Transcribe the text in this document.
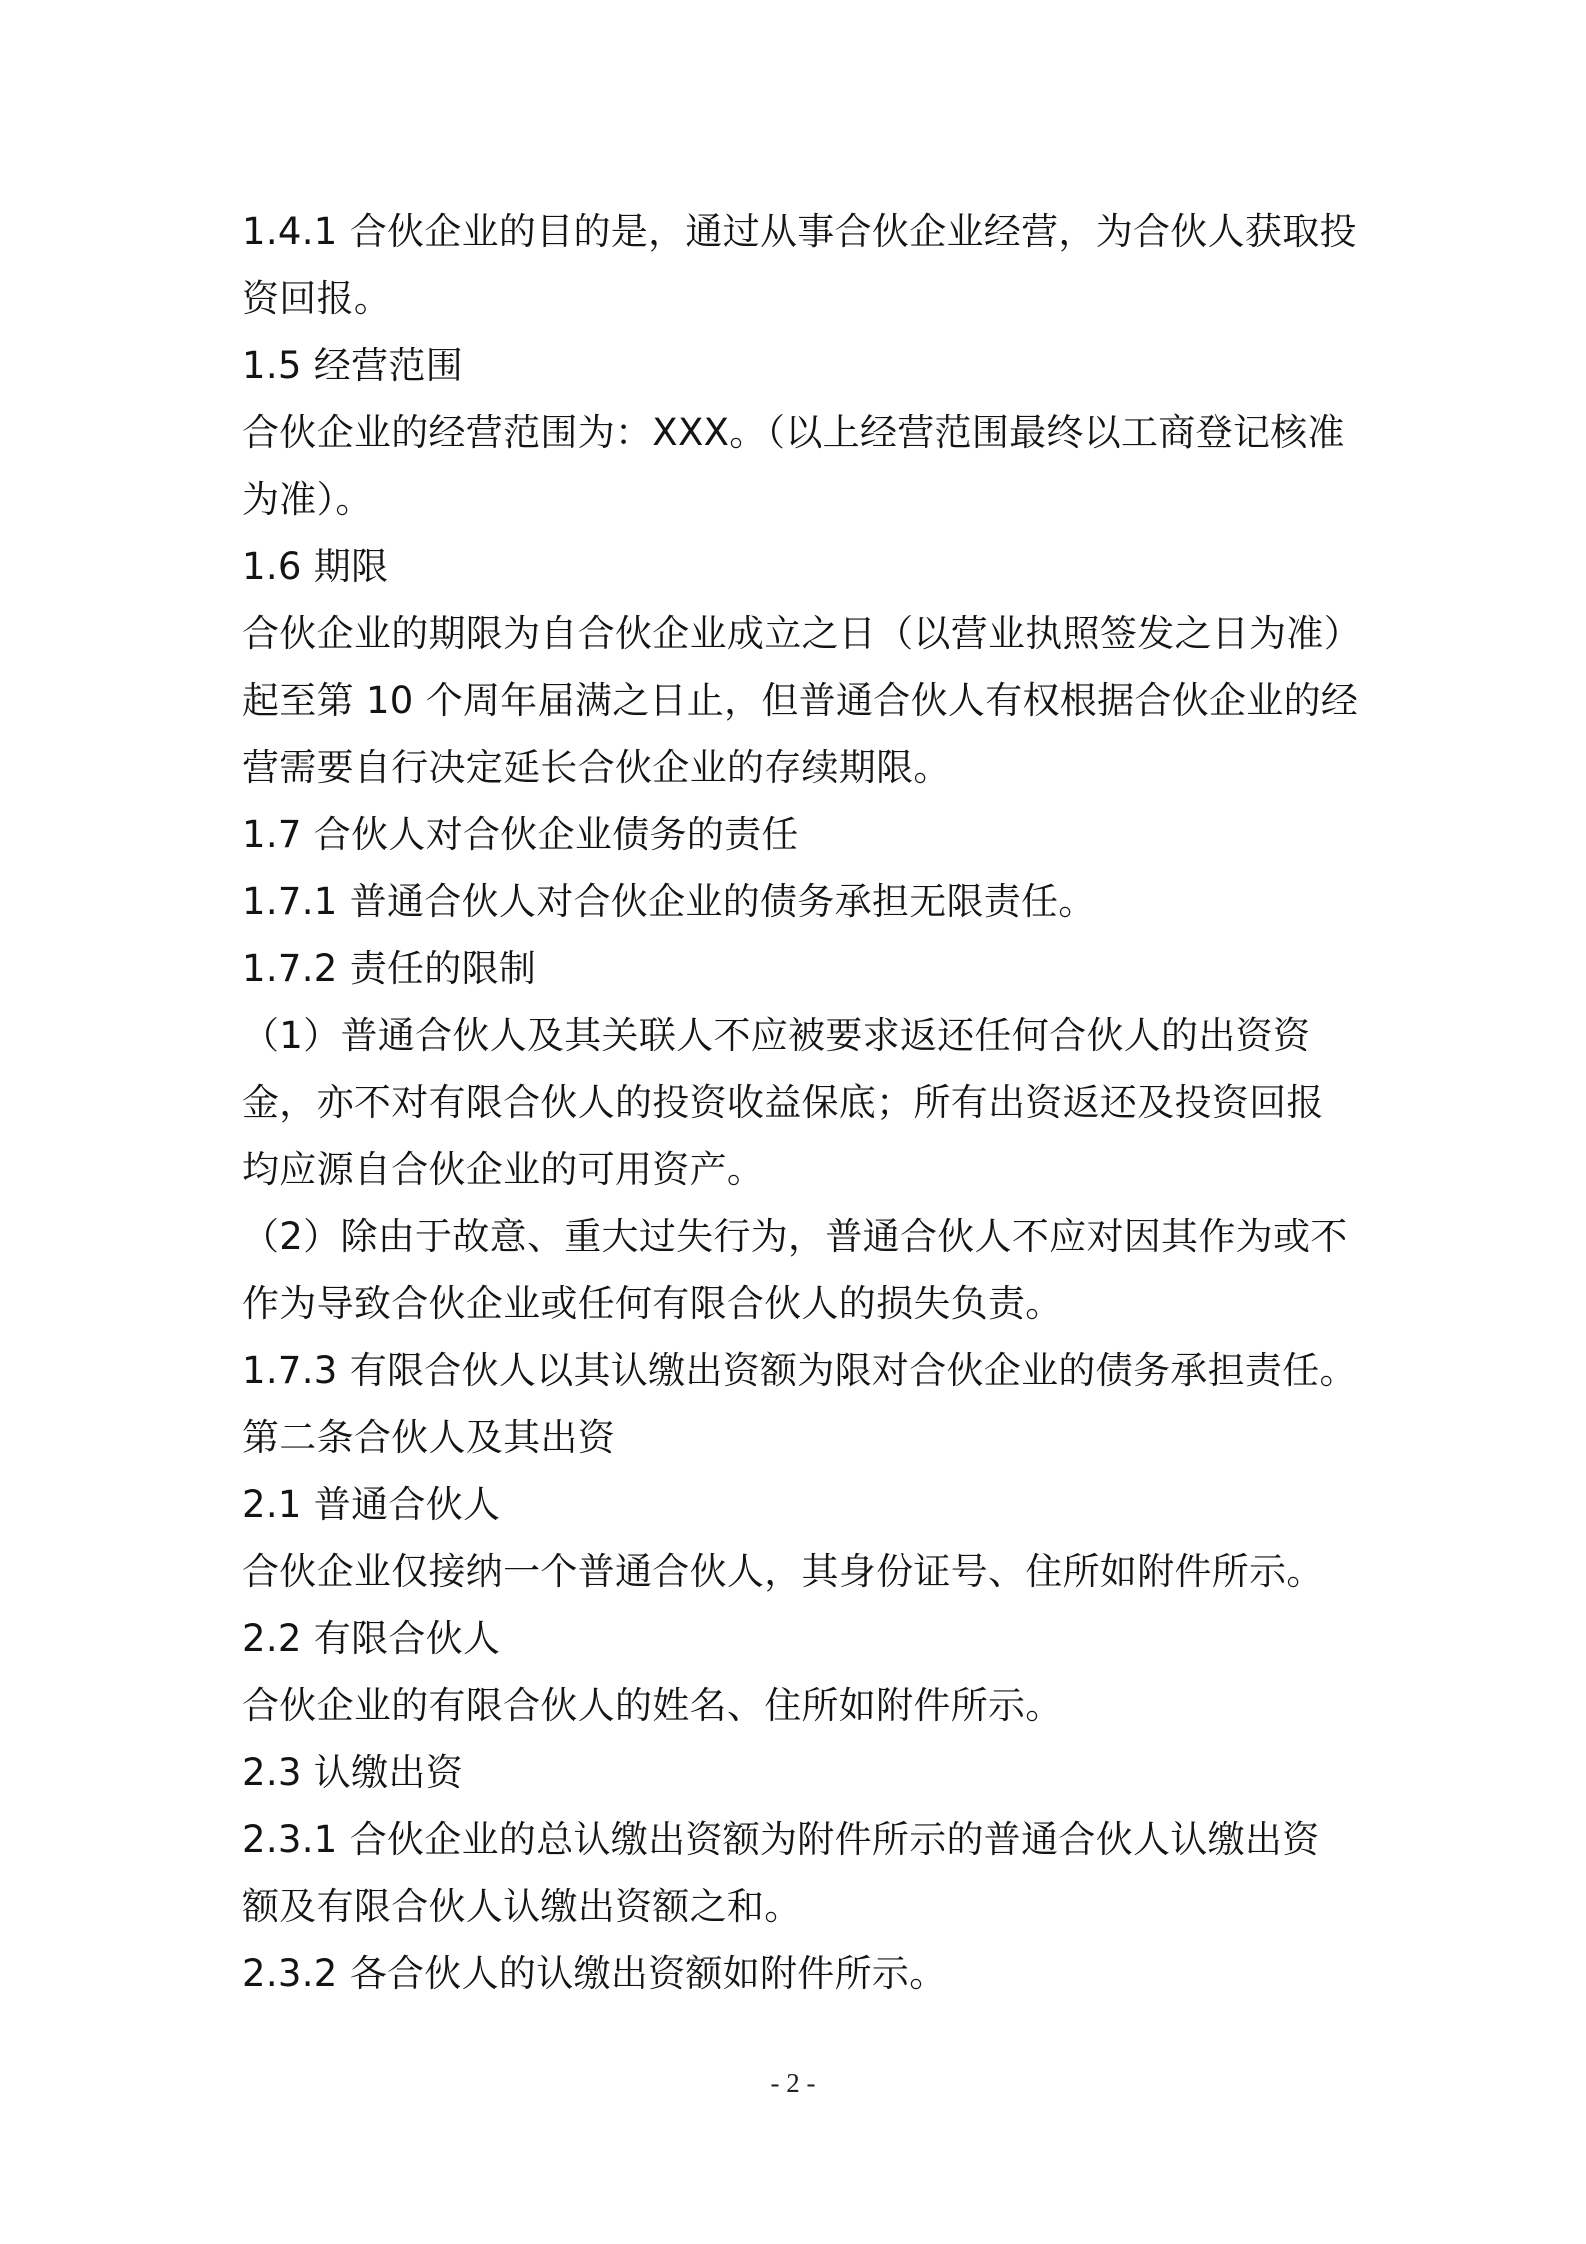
1.4.1 合伙企业的目的是，通过从事合伙企业经营，为合伙人获取投
资回报。
1.5 经营范围
合伙企业的经营范围为：XXX。（以上经营范围最终以工商登记核准
为准）。
1.6 期限
合伙企业的期限为自合伙企业成立之日（以营业执照签发之日为准）
起至第 10 个周年届满之日止，但普通合伙人有权根据合伙企业的经
营需要自行决定延长合伙企业的存续期限。
1.7 合伙人对合伙企业债务的责任
1.7.1 普通合伙人对合伙企业的债务承担无限责任。
1.7.2 责任的限制
（1）普通合伙人及其关联人不应被要求返还任何合伙人的出资资
金，亦不对有限合伙人的投资收益保底；所有出资返还及投资回报
均应源自合伙企业的可用资产。
（2）除由于故意、重大过失行为，普通合伙人不应对因其作为或不
作为导致合伙企业或任何有限合伙人的损失负责。
1.7.3 有限合伙人以其认缴出资额为限对合伙企业的债务承担责任。
第二条合伙人及其出资
2.1 普通合伙人
合伙企业仅接纳一个普通合伙人，其身份证号、住所如附件所示。
2.2 有限合伙人
合伙企业的有限合伙人的姓名、住所如附件所示。
2.3 认缴出资
2.3.1 合伙企业的总认缴出资额为附件所示的普通合伙人认缴出资
额及有限合伙人认缴出资额之和。
2.3.2 各合伙人的认缴出资额如附件所示。
- 2 -
